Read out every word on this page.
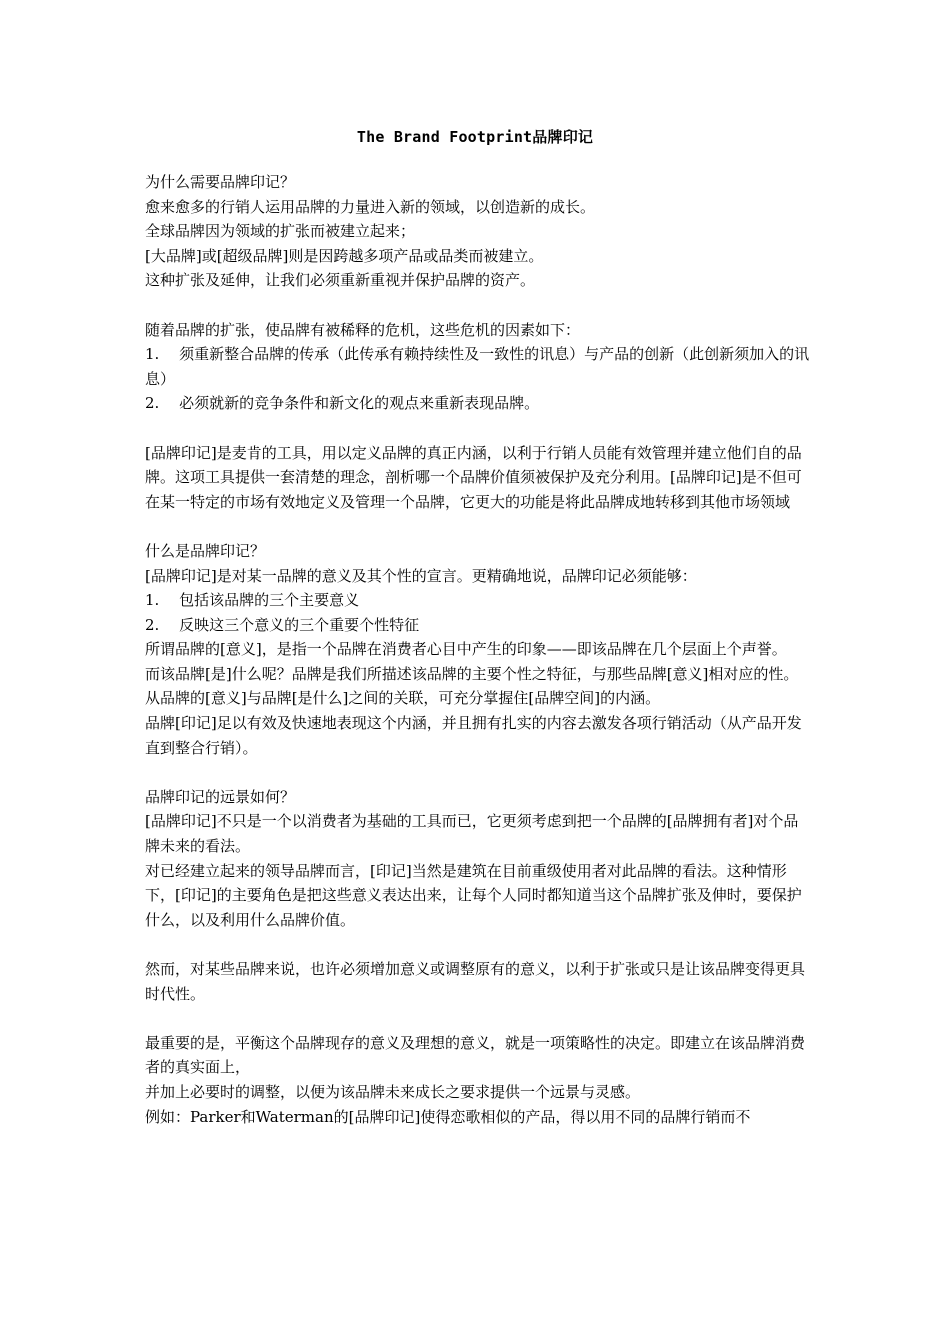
The Brand Footprint品牌印记

为什么需要品牌印记？

愈来愈多的行销人运用品牌的力量进入新的领域，以创造新的成长。

全球品牌因为领域的扩张而被建立起来；

[大品牌]或[超级品牌]则是因跨越多项产品或品类而被建立。

这种扩张及延伸，让我们必须重新重视并保护品牌的资产。

随着品牌的扩张，使品牌有被稀释的危机，这些危机的因素如下：

1.　 须重新整合品牌的传承（此传承有赖持续性及一致性的讯息）与产品的创新（此创新须加入的讯息）

2.　 必须就新的竞争条件和新文化的观点来重新表现品牌。

[品牌印记]是麦肯的工具，用以定义品牌的真正内涵，以利于行销人员能有效管理并建立他们自的品牌。这项工具提供一套清楚的理念，剖析哪一个品牌价值须被保护及充分利用。[品牌印记]是不但可在某一特定的市场有效地定义及管理一个品牌，它更大的功能是将此品牌成地转移到其他市场领域

什么是品牌印记？

[品牌印记]是对某一品牌的意义及其个性的宣言。更精确地说，品牌印记必须能够：

1.　 包括该品牌的三个主要意义

2.　 反映这三个意义的三个重要个性特征

所谓品牌的[意义]，是指一个品牌在消费者心目中产生的印象——即该品牌在几个层面上个声誉。

而该品牌[是]什么呢？品牌是我们所描述该品牌的主要个性之特征，与那些品牌[意义]相对应的性。

从品牌的[意义]与品牌[是什么]之间的关联，可充分掌握住[品牌空间]的内涵。

品牌[印记]足以有效及快速地表现这个内涵，并且拥有扎实的内容去激发各项行销活动（从产品开发直到整合行销）。

品牌印记的远景如何？

[品牌印记]不只是一个以消费者为基础的工具而已，它更须考虑到把一个品牌的[品牌拥有者]对个品牌未来的看法。

对已经建立起来的领导品牌而言，[印记]当然是建筑在目前重级使用者对此品牌的看法。这种情形下，[印记]的主要角色是把这些意义表达出来，让每个人同时都知道当这个品牌扩张及伸时，要保护什么，以及利用什么品牌价值。

然而，对某些品牌来说，也许必须增加意义或调整原有的意义，以利于扩张或只是让该品牌变得更具时代性。

最重要的是，平衡这个品牌现存的意义及理想的意义，就是一项策略性的决定。即建立在该品牌消费者的真实面上，

并加上必要时的调整，以便为该品牌未来成长之要求提供一个远景与灵感。

例如：Parker和Waterman的[品牌印记]使得恋歌相似的产品，得以用不同的品牌行销而不
